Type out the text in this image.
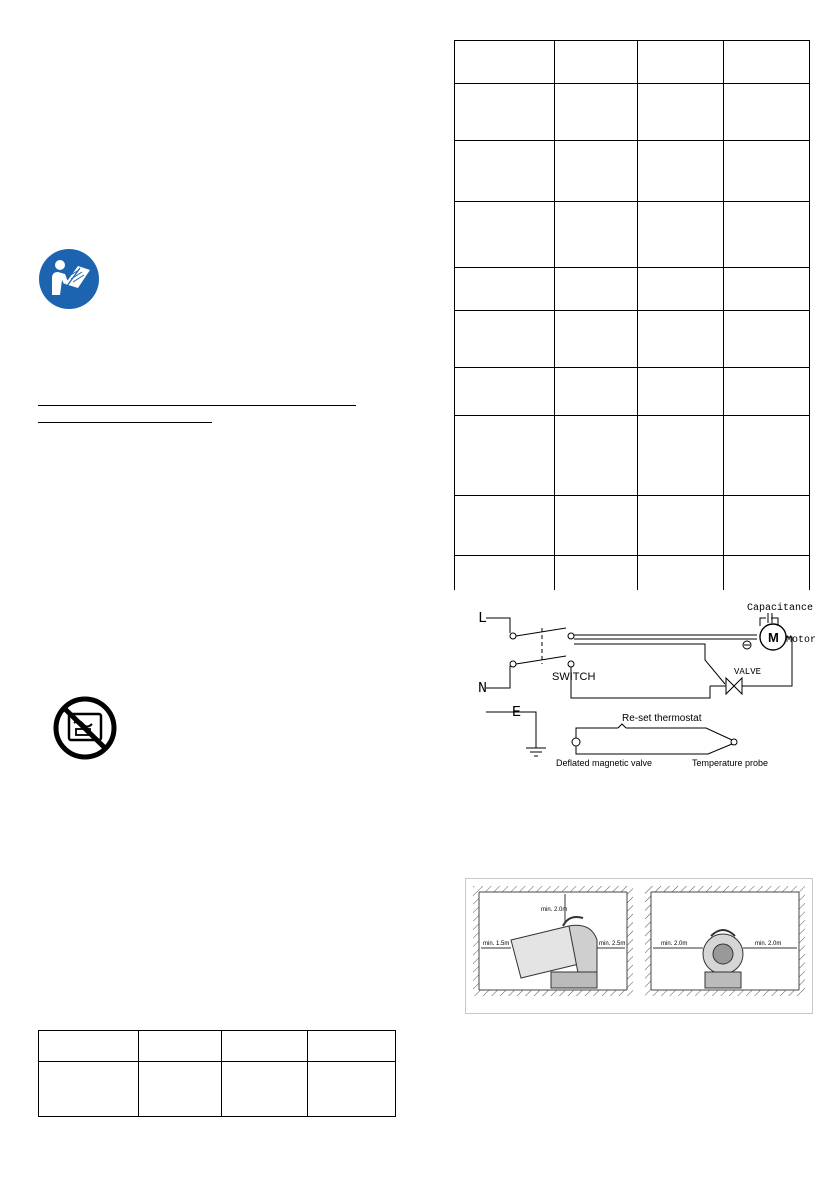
L
N
E
SWITCH
Capacitance
M Motor
VALVE
Re-set thermostat
Deflated magnetic valve	Temperature probe
min. 2.0m
min. 1.5m	min. 2.5m	min. 2.0m	min. 2.0m
